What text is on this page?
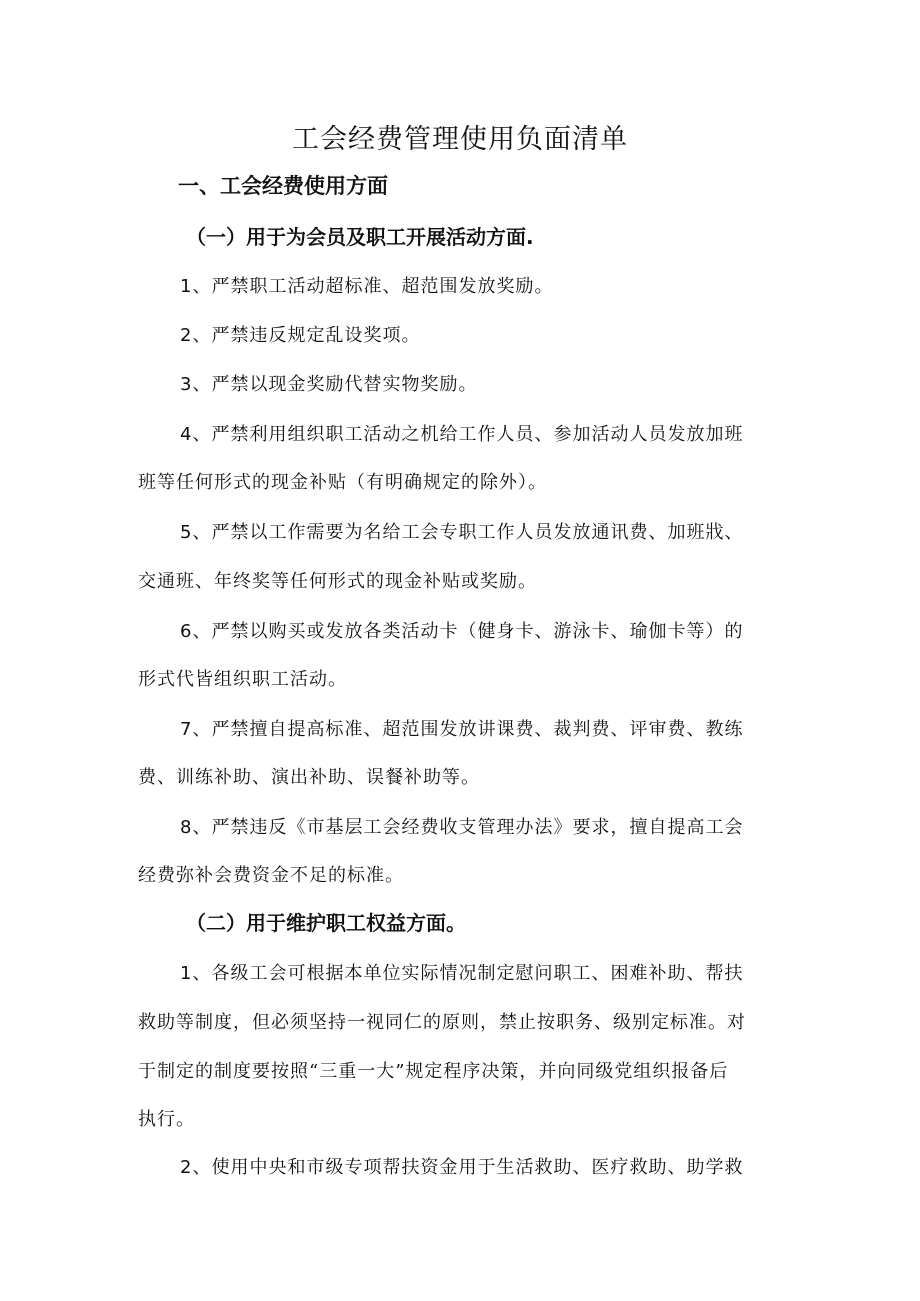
工会经费管理使用负面清单
一、工会经费使用方面
（一）用于为会员及职工开展活动方面.
1、严禁职工活动超标准、超范围发放奖励。
2、严禁违反规定乱设奖项。
3、严禁以现金奖励代替实物奖励。
4、严禁利用组织职工活动之机给工作人员、参加活动人员发放加班
班等任何形式的现金补贴（有明确规定的除外）。
5、严禁以工作需要为名给工会专职工作人员发放通讯费、加班戕、
交通班、年终奖等任何形式的现金补贴或奖励。
6、严禁以购买或发放各类活动卡（健身卡、游泳卡、瑜伽卡等）的
形式代皆组织职工活动。
7、严禁擅自提高标准、超范围发放讲课费、裁判费、评审费、教练
费、训练补助、演出补助、误餐补助等。
8、严禁违反《市基层工会经费收支管理办法》要求，擅自提高工会
经费弥补会费资金不足的标准。
（二）用于维护职工权益方面。
1、各级工会可根据本单位实际情况制定慰问职工、困难补助、帮扶
救助等制度，但必须坚持一视同仁的原则，禁止按职务、级别定标准。对
于制定的制度要按照“三重一大”规定程序决策，并向同级党组织报备后
执行。
2、使用中央和市级专项帮扶资金用于生活救助、医疗救助、助学救
